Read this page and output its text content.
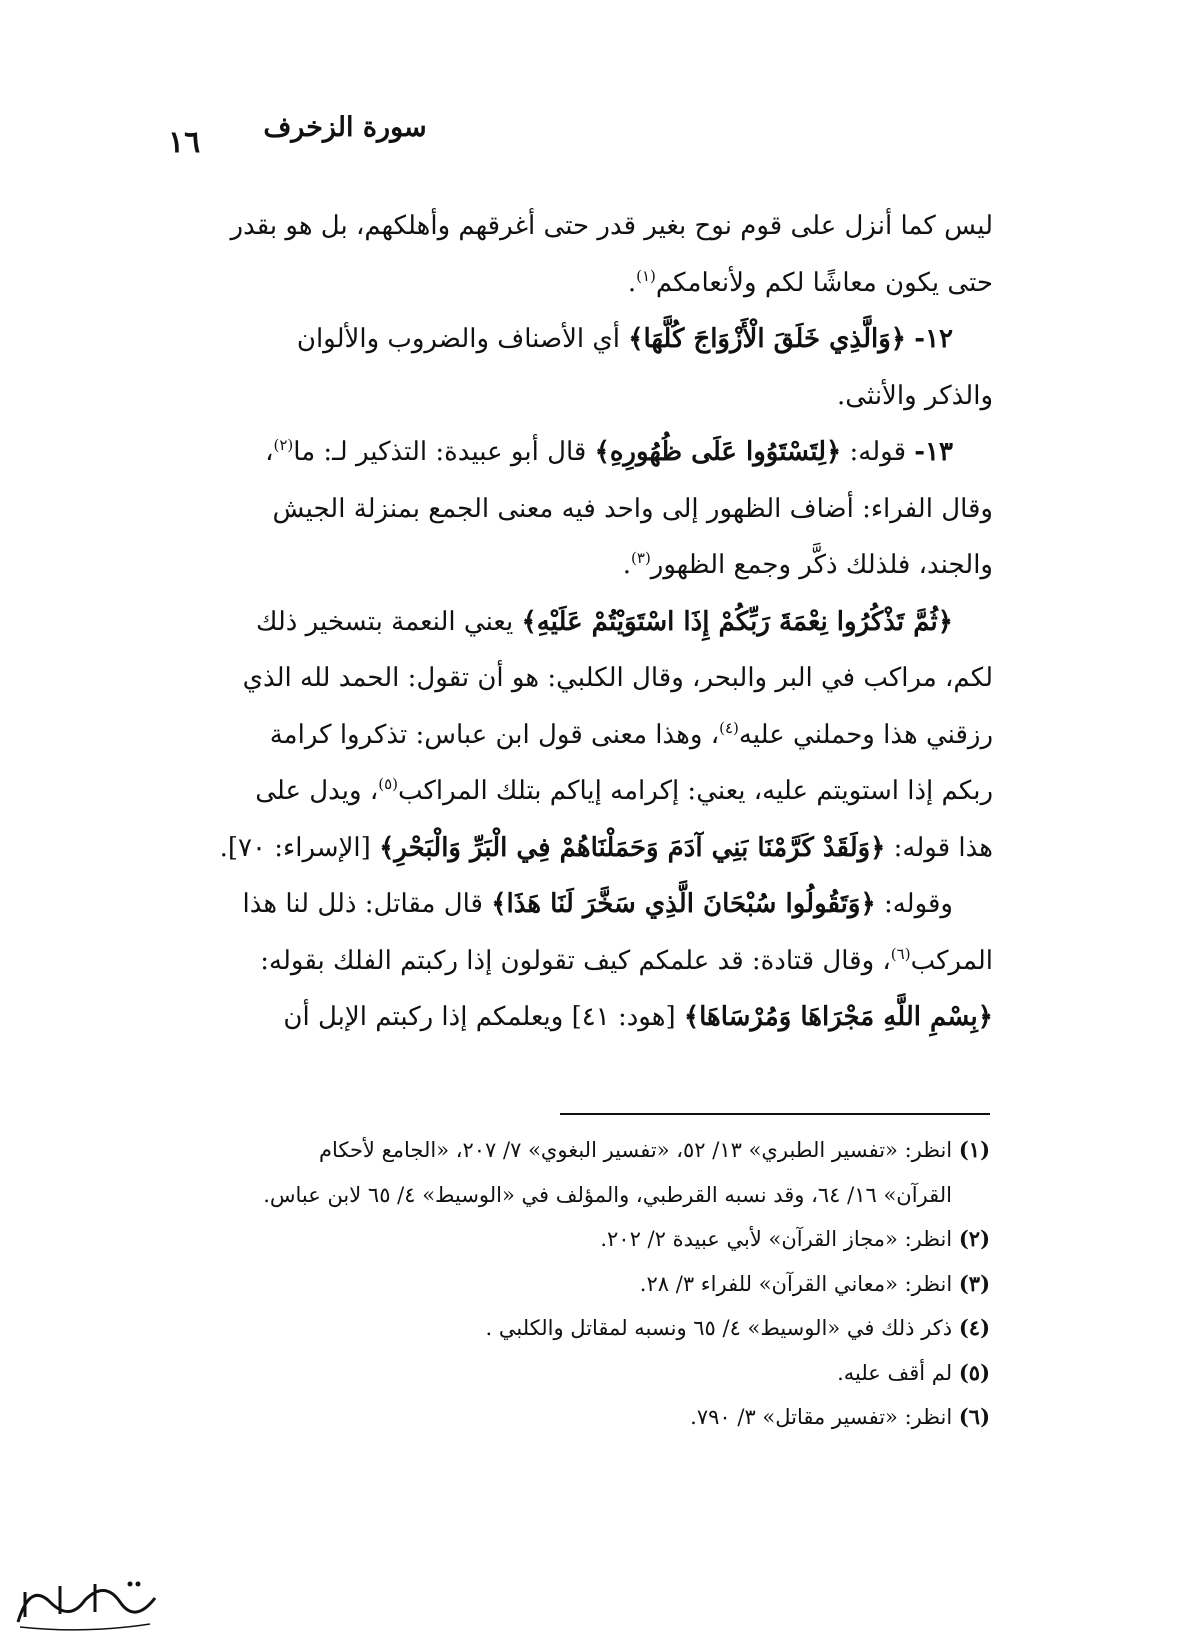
سورة الزخرف
١٦

ليس كما أنزل على قوم نوح بغير قدر حتى أغرقهم وأهلكهم، بل هو بقدر

حتى يكون معاشًا لكم ولأنعامكم$^{(١)}$.

١٢- ﴿وَالَّذِي خَلَقَ الْأَزْوَاجَ كُلَّهَا﴾ أي الأصناف والضروب والألوان

والذكر والأنثى.

١٣- قوله: ﴿لِتَسْتَوُوا عَلَى ظُهُورِهِ﴾ قال أبو عبيدة: التذكير لـ: ما$^{(٢)}$،

وقال الفراء: أضاف الظهور إلى واحد فيه معنى الجمع بمنزلة الجيش

والجند، فلذلك ذكَّر وجمع الظهور$^{(٣)}$.

﴿ثُمَّ تَذْكُرُوا نِعْمَةَ رَبِّكُمْ إِذَا اسْتَوَيْتُمْ عَلَيْهِ﴾ يعني النعمة بتسخير ذلك

لكم، مراكب في البر والبحر، وقال الكلبي: هو أن تقول: الحمد لله الذي

رزقني هذا وحملني عليه$^{(٤)}$، وهذا معنى قول ابن عباس: تذكروا كرامة

ربكم إذا استويتم عليه، يعني: إكرامه إياكم بتلك المراكب$^{(٥)}$، ويدل على

هذا قوله: ﴿وَلَقَدْ كَرَّمْنَا بَنِي آدَمَ وَحَمَلْنَاهُمْ فِي الْبَرِّ وَالْبَحْرِ﴾ [الإسراء: ٧٠].

وقوله: ﴿وَتَقُولُوا سُبْحَانَ الَّذِي سَخَّرَ لَنَا هَذَا﴾ قال مقاتل: ذلل لنا هذا

المركب$^{(٦)}$، وقال قتادة: قد علمكم كيف تقولون إذا ركبتم الفلك بقوله:

﴿بِسْمِ اللَّهِ مَجْرَاهَا وَمُرْسَاهَا﴾ [هود: ٤١] ويعلمكم إذا ركبتم الإبل أن

(١) انظر: «تفسير الطبري» ١٣/ ٥٢، «تفسير البغوي» ٧/ ٢٠٧، «الجامع لأحكام

القرآن» ١٦/ ٦٤، وقد نسبه القرطبي، والمؤلف في «الوسيط» ٤/ ٦٥ لابن عباس.

(٢) انظر: «مجاز القرآن» لأبي عبيدة ٢/ ٢٠٢.

(٣) انظر: «معاني القرآن» للفراء ٣/ ٢٨.

(٤) ذكر ذلك في «الوسيط» ٤/ ٦٥ ونسبه لمقاتل والكلبي .

(٥) لم أقف عليه.

(٦) انظر: «تفسير مقاتل» ٣/ ٧٩٠.
